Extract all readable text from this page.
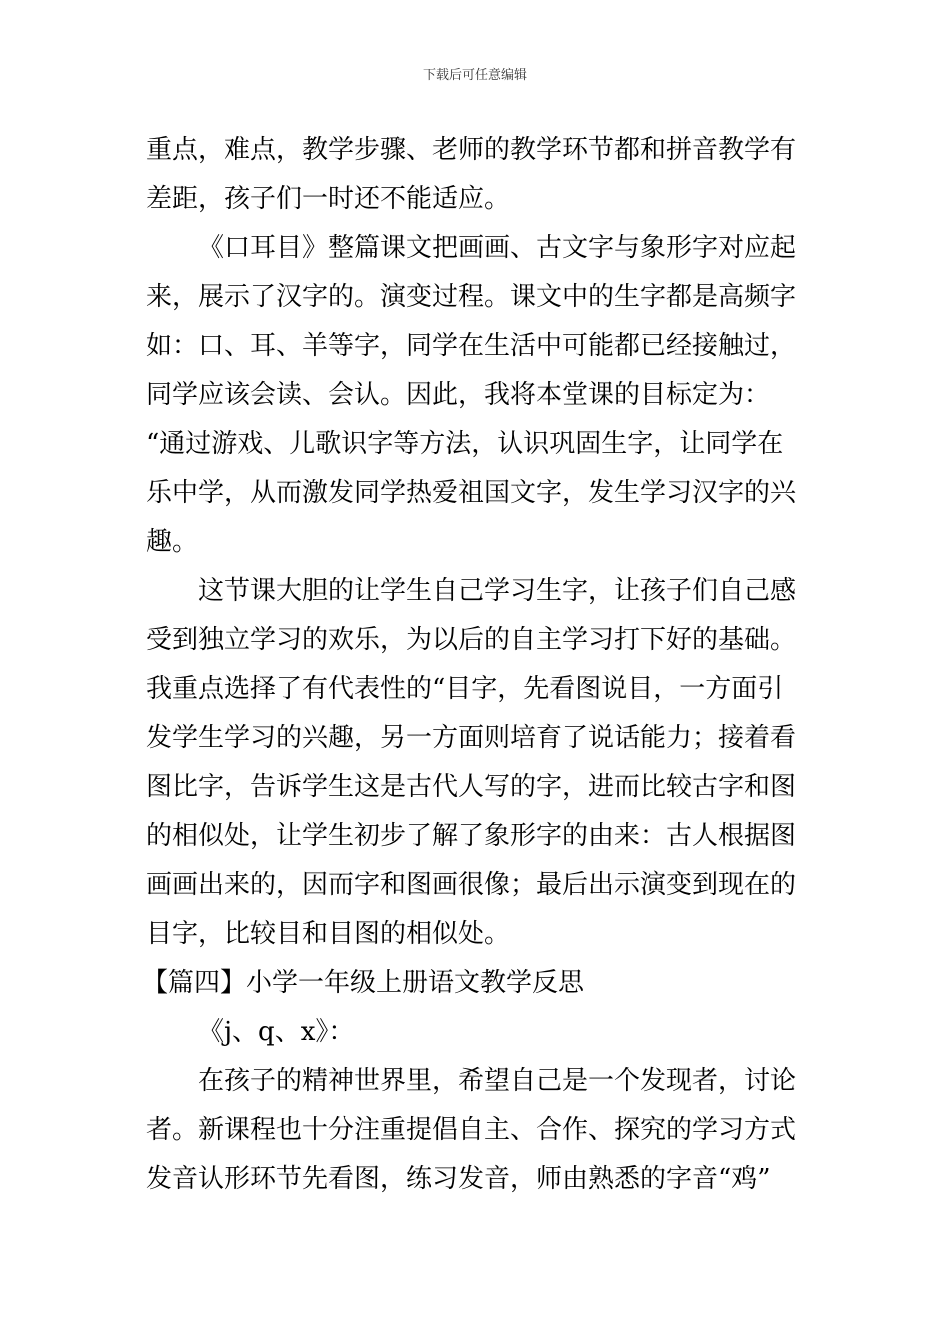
下载后可任意编辑
重点，难点，教学步骤、老师的教学环节都和拼音教学有
差距，孩子们一时还不能适应。
《口耳目》整篇课文把画画、古文字与象形字对应起
来，展示了汉字的。演变过程。课文中的生字都是高频字
如：口、耳、羊等字，同学在生活中可能都已经接触过，
同学应该会读、会认。因此，我将本堂课的目标定为：
“通过游戏、儿歌识字等方法，认识巩固生字，让同学在
乐中学，从而激发同学热爱祖国文字，发生学习汉字的兴
趣。
这节课大胆的让学生自己学习生字，让孩子们自己感
受到独立学习的欢乐，为以后的自主学习打下好的基础。
我重点选择了有代表性的“目字，先看图说目，一方面引
发学生学习的兴趣，另一方面则培育了说话能力；接着看
图比字，告诉学生这是古代人写的字，进而比较古字和图
的相似处，让学生初步了解了象形字的由来：古人根据图
画画出来的，因而字和图画很像；最后出示演变到现在的
目字，比较目和目图的相似处。
【篇四】小学一年级上册语文教学反思
《j、q、x》：
在孩子的精神世界里，希望自己是一个发现者，讨论
者。新课程也十分注重提倡自主、合作、探究的学习方式
发音认形环节先看图，练习发音，师由熟悉的字音“鸡”
